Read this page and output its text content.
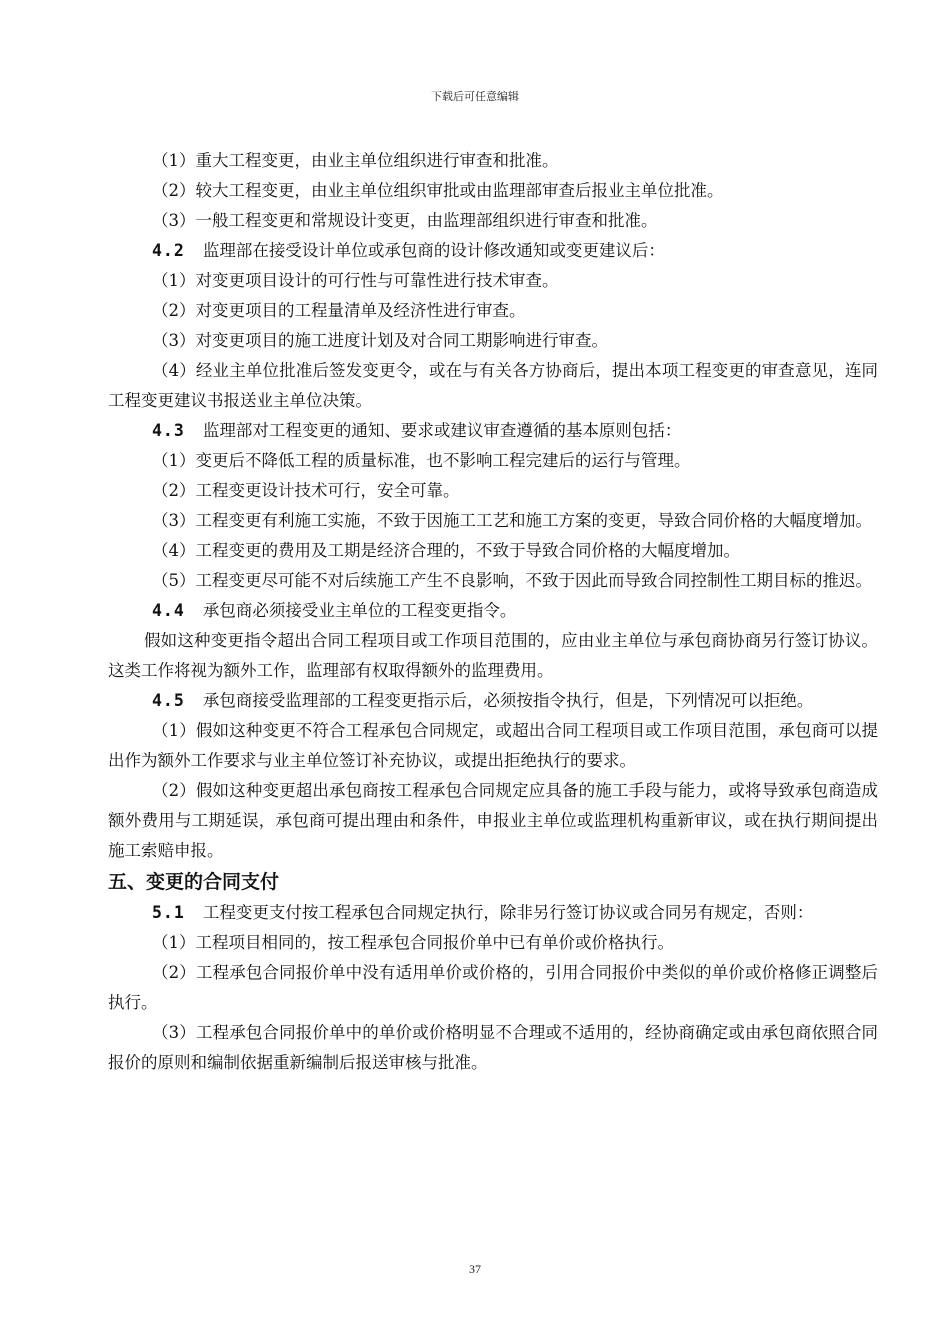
下载后可任意编辑

（1）重大工程变更，由业主单位组织进行审查和批准。

（2）较大工程变更，由业主单位组织审批或由监理部审查后报业主单位批准。

（3）一般工程变更和常规设计变更，由监理部组织进行审查和批准。

4.2 监理部在接受设计单位或承包商的设计修改通知或变更建议后：

（1）对变更项目设计的可行性与可靠性进行技术审查。

（2）对变更项目的工程量清单及经济性进行审查。

（3）对变更项目的施工进度计划及对合同工期影响进行审查。

（4）经业主单位批准后签发变更令，或在与有关各方协商后，提出本项工程变更的审查意见，连同工程变更建议书报送业主单位决策。

4.3 监理部对工程变更的通知、要求或建议审查遵循的基本原则包括：

（1）变更后不降低工程的质量标准，也不影响工程完建后的运行与管理。

（2）工程变更设计技术可行，安全可靠。

（3）工程变更有利施工实施，不致于因施工工艺和施工方案的变更，导致合同价格的大幅度增加。

（4）工程变更的费用及工期是经济合理的，不致于导致合同价格的大幅度增加。

（5）工程变更尽可能不对后续施工产生不良影响，不致于因此而导致合同控制性工期目标的推迟。

4.4 承包商必须接受业主单位的工程变更指令。

假如这种变更指令超出合同工程项目或工作项目范围的，应由业主单位与承包商协商另行签订协议。这类工作将视为额外工作，监理部有权取得额外的监理费用。

4.5 承包商接受监理部的工程变更指示后，必须按指令执行，但是，下列情况可以拒绝。

（1）假如这种变更不符合工程承包合同规定，或超出合同工程项目或工作项目范围，承包商可以提出作为额外工作要求与业主单位签订补充协议，或提出拒绝执行的要求。

（2）假如这种变更超出承包商按工程承包合同规定应具备的施工手段与能力，或将导致承包商造成额外费用与工期延误，承包商可提出理由和条件，申报业主单位或监理机构重新审议，或在执行期间提出施工索赔申报。

五、变更的合同支付

5.1 工程变更支付按工程承包合同规定执行，除非另行签订协议或合同另有规定，否则：

（1）工程项目相同的，按工程承包合同报价单中已有单价或价格执行。

（2）工程承包合同报价单中没有适用单价或价格的，引用合同报价中类似的单价或价格修正调整后执行。

（3）工程承包合同报价单中的单价或价格明显不合理或不适用的，经协商确定或由承包商依照合同报价的原则和编制依据重新编制后报送审核与批准。

37
